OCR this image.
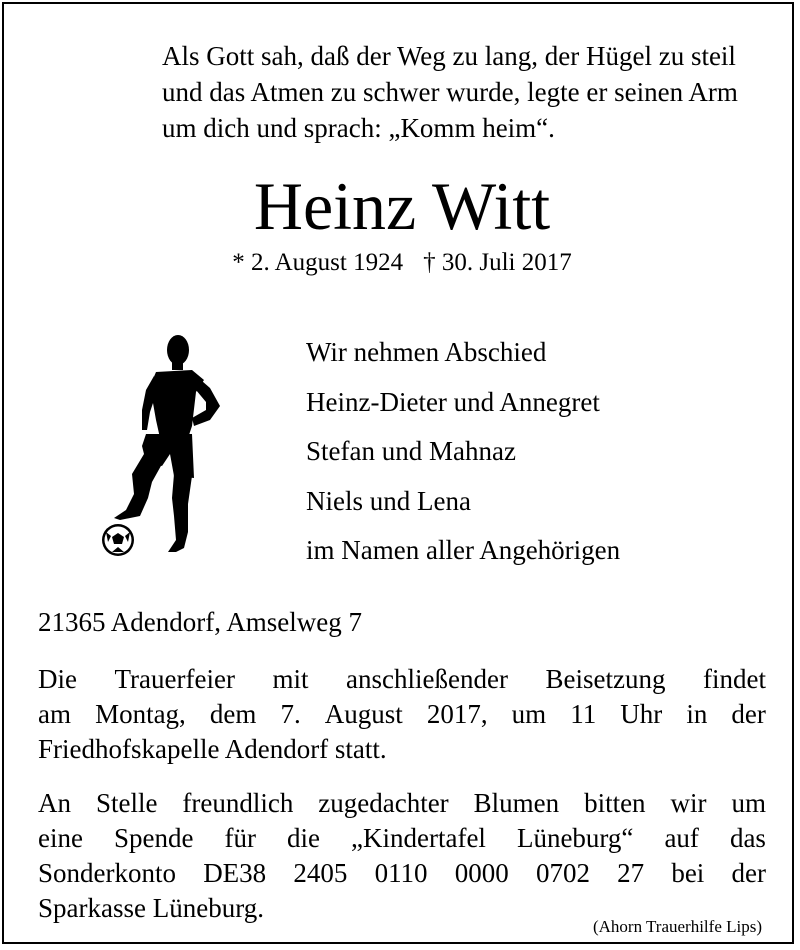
Als Gott sah, daß der Weg zu lang, der Hügel zu steil
und das Atmen zu schwer wurde, legte er seinen Arm
um dich und sprach: „Komm heim“.
Heinz Witt
* 2. August 1924 † 30. Juli 2017
Wir nehmen Abschied
Heinz-Dieter und Annegret
Stefan und Mahnaz
Niels und Lena
im Namen aller Angehörigen
21365 Adendorf, Amselweg 7
Die Trauerfeier mit anschließender Beisetzung findet
am Montag, dem 7. August 2017, um 11 Uhr in der
Friedhofskapelle Adendorf statt.
An Stelle freundlich zugedachter Blumen bitten wir um
eine Spende für die „Kindertafel Lüneburg“ auf das
Sonderkonto DE38 2405 0110 0000 0702 27 bei der
Sparkasse Lüneburg.
(Ahorn Trauerhilfe Lips)
